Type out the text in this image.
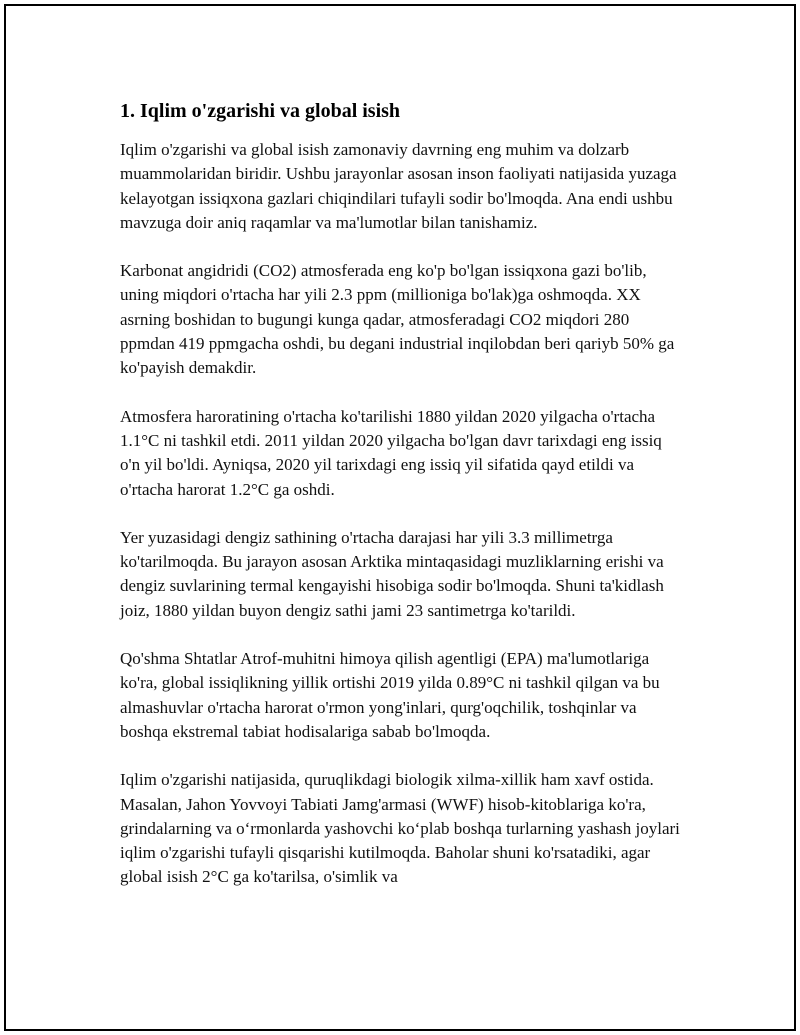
1. Iqlim o'zgarishi va global isish

Iqlim o'zgarishi va global isish zamonaviy davrning eng muhim va dolzarb muammolaridan biridir. Ushbu jarayonlar asosan inson faoliyati natijasida yuzaga kelayotgan issiqxona gazlari chiqindilari tufayli sodir bo'lmoqda. Ana endi ushbu mavzuga doir aniq raqamlar va ma'lumotlar bilan tanishamiz.

Karbonat angidridi (CO2) atmosferada eng ko'p bo'lgan issiqxona gazi bo'lib, uning miqdori o'rtacha har yili 2.3 ppm (millioniga bo'lak)ga oshmoqda. XX asrning boshidan to bugungi kunga qadar, atmosferadagi CO2 miqdori 280 ppmdan 419 ppmgacha oshdi, bu degani industrial inqilobdan beri qariyb 50% ga ko'payish demakdir.

Atmosfera haroratining o'rtacha ko'tarilishi 1880 yildan 2020 yilgacha o'rtacha 1.1°C ni tashkil etdi. 2011 yildan 2020 yilgacha bo'lgan davr tarixdagi eng issiq o'n yil bo'ldi. Ayniqsa, 2020 yil tarixdagi eng issiq yil sifatida qayd etildi va o'rtacha harorat 1.2°C ga oshdi.

Yer yuzasidagi dengiz sathining o'rtacha darajasi har yili 3.3 millimetrga ko'tarilmoqda. Bu jarayon asosan Arktika mintaqasidagi muzliklarning erishi va dengiz suvlarining termal kengayishi hisobiga sodir bo'lmoqda. Shuni ta'kidlash joiz, 1880 yildan buyon dengiz sathi jami 23 santimetrga ko'tarildi.

Qo'shma Shtatlar Atrof-muhitni himoya qilish agentligi (EPA) ma'lumotlariga ko'ra, global issiqlikning yillik ortishi 2019 yilda 0.89°C ni tashkil qilgan va bu almashuvlar o'rtacha harorat o'rmon yong'inlari, qurg'oqchilik, toshqinlar va boshqa ekstremal tabiat hodisalariga sabab bo'lmoqda.

Iqlim o'zgarishi natijasida, quruqlikdagi biologik xilma-xillik ham xavf ostida. Masalan, Jahon Yovvoyi Tabiati Jamg'armasi (WWF) hisob-kitoblariga ko'ra, grindalarning va o‘rmonlarda yashovchi ko‘plab boshqa turlarning yashash joylari iqlim o'zgarishi tufayli qisqarishi kutilmoqda. Baholar shuni ko'rsatadiki, agar global isish 2°C ga ko'tarilsa, o'simlik va
